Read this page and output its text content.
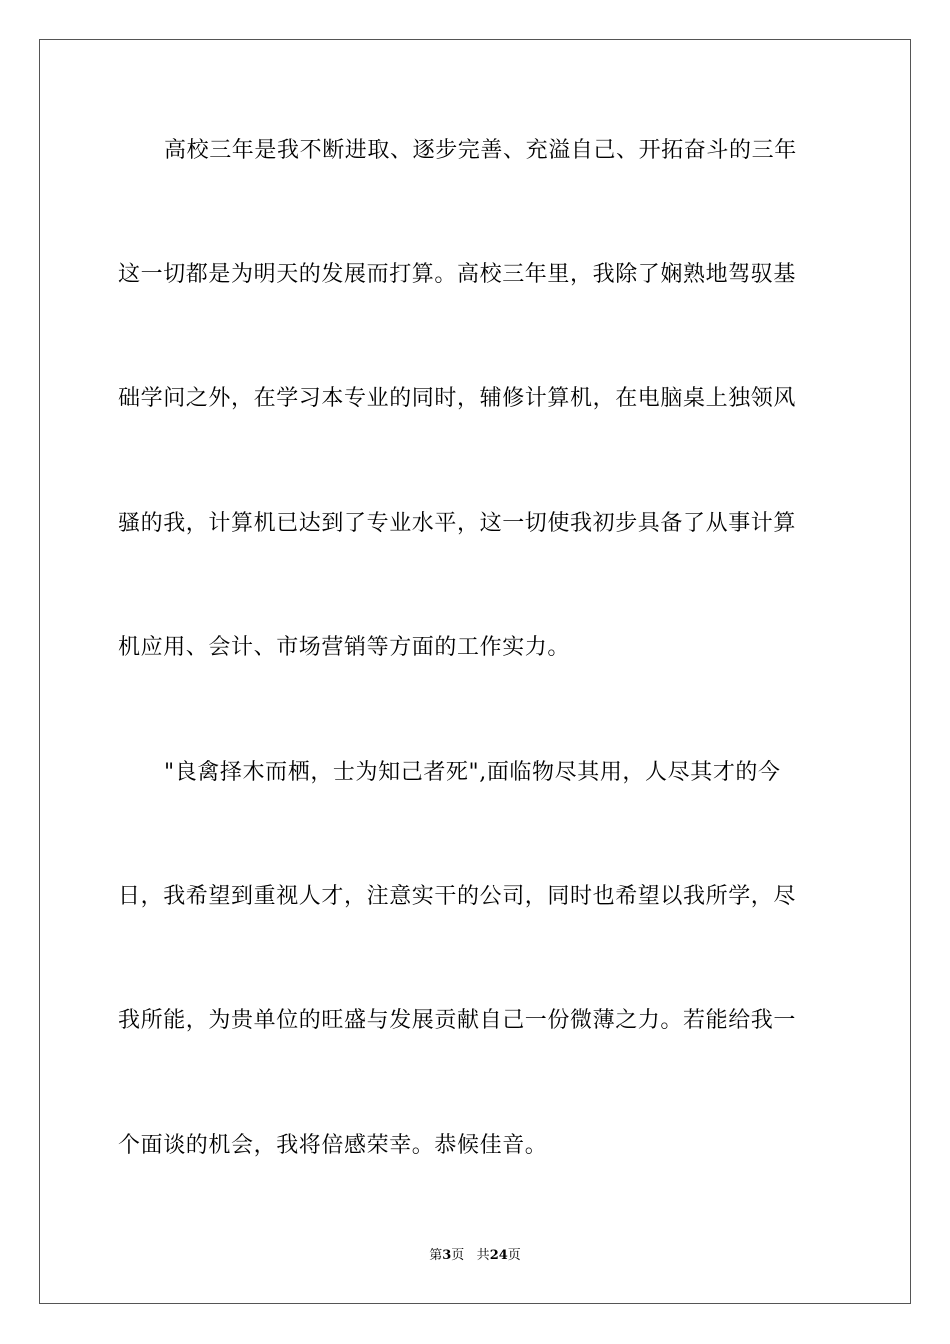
高校三年是我不断进取、逐步完善、充溢自己、开拓奋斗的三年
这一切都是为明天的发展而打算。高校三年里，我除了娴熟地驾驭基
础学问之外，在学习本专业的同时，辅修计算机，在电脑桌上独领风
骚的我，计算机已达到了专业水平，这一切使我初步具备了从事计算
机应用、会计、市场营销等方面的工作实力。
"良禽择木而栖，士为知己者死",面临物尽其用，人尽其才的今
日，我希望到重视人才，注意实干的公司，同时也希望以我所学，尽
我所能，为贵单位的旺盛与发展贡献自己一份微薄之力。若能给我一
个面谈的机会，我将倍感荣幸。恭候佳音。
第3页 共24页
